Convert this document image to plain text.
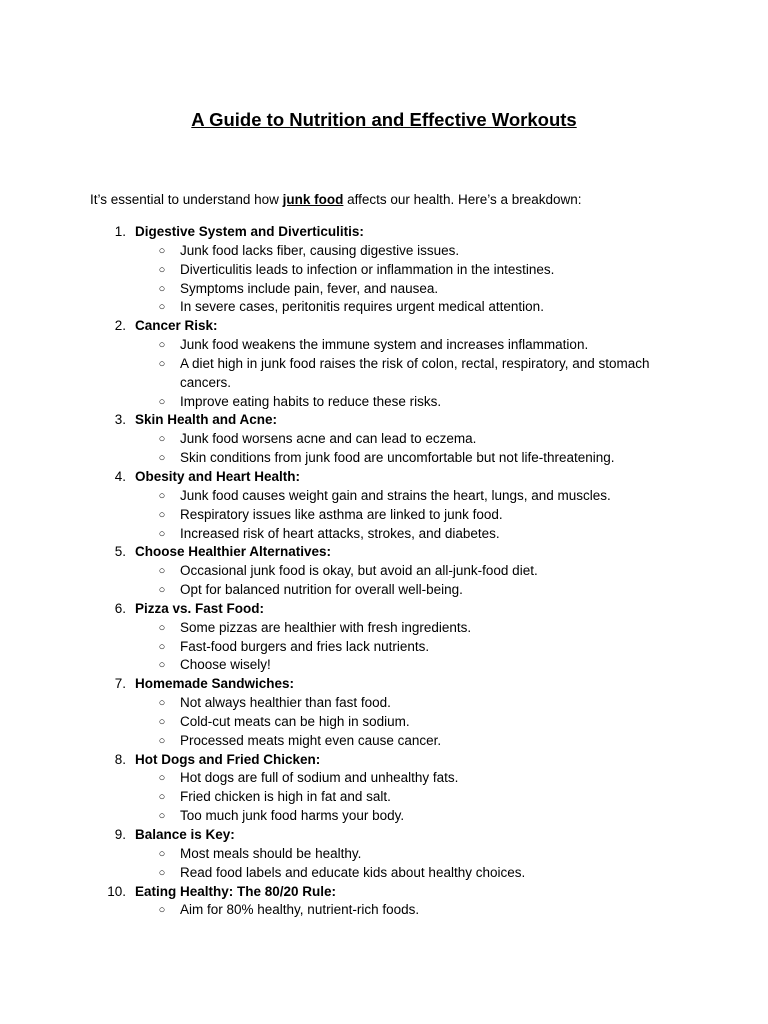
A Guide to Nutrition and Effective Workouts
It’s essential to understand how junk food affects our health. Here’s a breakdown:
1. Digestive System and Diverticulitis:
○ Junk food lacks fiber, causing digestive issues.
○ Diverticulitis leads to infection or inflammation in the intestines.
○ Symptoms include pain, fever, and nausea.
○ In severe cases, peritonitis requires urgent medical attention.
2. Cancer Risk:
○ Junk food weakens the immune system and increases inflammation.
○ A diet high in junk food raises the risk of colon, rectal, respiratory, and stomach cancers.
○ Improve eating habits to reduce these risks.
3. Skin Health and Acne:
○ Junk food worsens acne and can lead to eczema.
○ Skin conditions from junk food are uncomfortable but not life-threatening.
4. Obesity and Heart Health:
○ Junk food causes weight gain and strains the heart, lungs, and muscles.
○ Respiratory issues like asthma are linked to junk food.
○ Increased risk of heart attacks, strokes, and diabetes.
5. Choose Healthier Alternatives:
○ Occasional junk food is okay, but avoid an all-junk-food diet.
○ Opt for balanced nutrition for overall well-being.
6. Pizza vs. Fast Food:
○ Some pizzas are healthier with fresh ingredients.
○ Fast-food burgers and fries lack nutrients.
○ Choose wisely!
7. Homemade Sandwiches:
○ Not always healthier than fast food.
○ Cold-cut meats can be high in sodium.
○ Processed meats might even cause cancer.
8. Hot Dogs and Fried Chicken:
○ Hot dogs are full of sodium and unhealthy fats.
○ Fried chicken is high in fat and salt.
○ Too much junk food harms your body.
9. Balance is Key:
○ Most meals should be healthy.
○ Read food labels and educate kids about healthy choices.
10. Eating Healthy: The 80/20 Rule:
○ Aim for 80% healthy, nutrient-rich foods.
